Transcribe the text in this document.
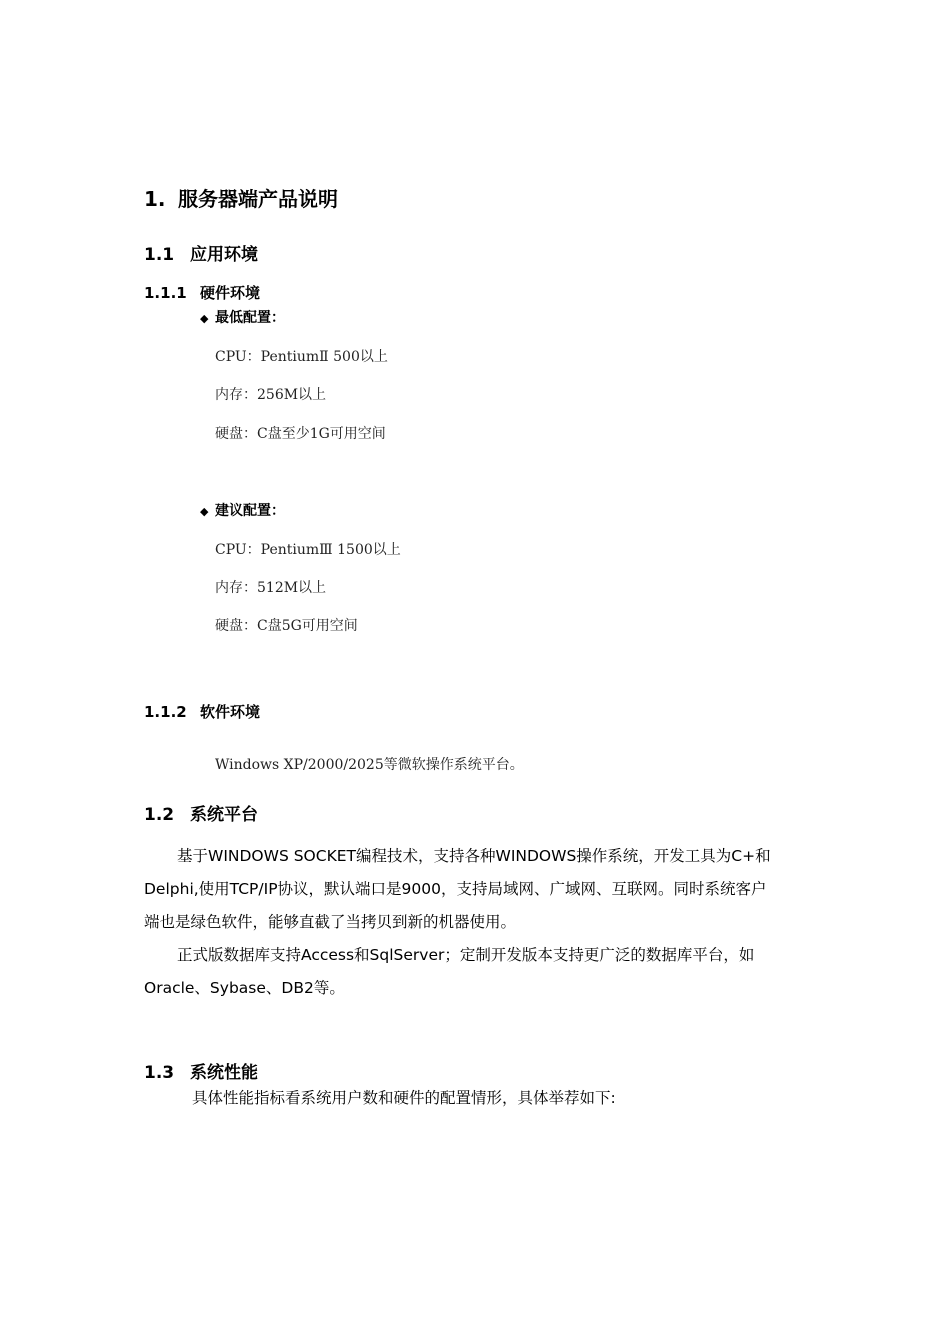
1. 服务器端产品说明
1.1 应用环境
1.1.1 硬件环境
◆ 最低配置：
CPU：PentiumⅡ 500以上
内存：256M以上
硬盘：C盘至少1G可用空间
◆ 建议配置：
CPU：PentiumⅢ 1500以上
内存：512M以上
硬盘：C盘5G可用空间
1.1.2 软件环境
Windows XP/2000/2025等微软操作系统平台。
1.2 系统平台
基于WINDOWS SOCKET编程技术，支持各种WINDOWS操作系统，开发工具为C+和
Delphi,使用TCP/IP协议，默认端口是9000，支持局域网、广域网、互联网。同时系统客户
端也是绿色软件，能够直截了当拷贝到新的机器使用。
正式版数据库支持Access和SqlServer；定制开发版本支持更广泛的数据库平台，如
Oracle、Sybase、DB2等。
1.3 系统性能
具体性能指标看系统用户数和硬件的配置情形，具体举荐如下:
